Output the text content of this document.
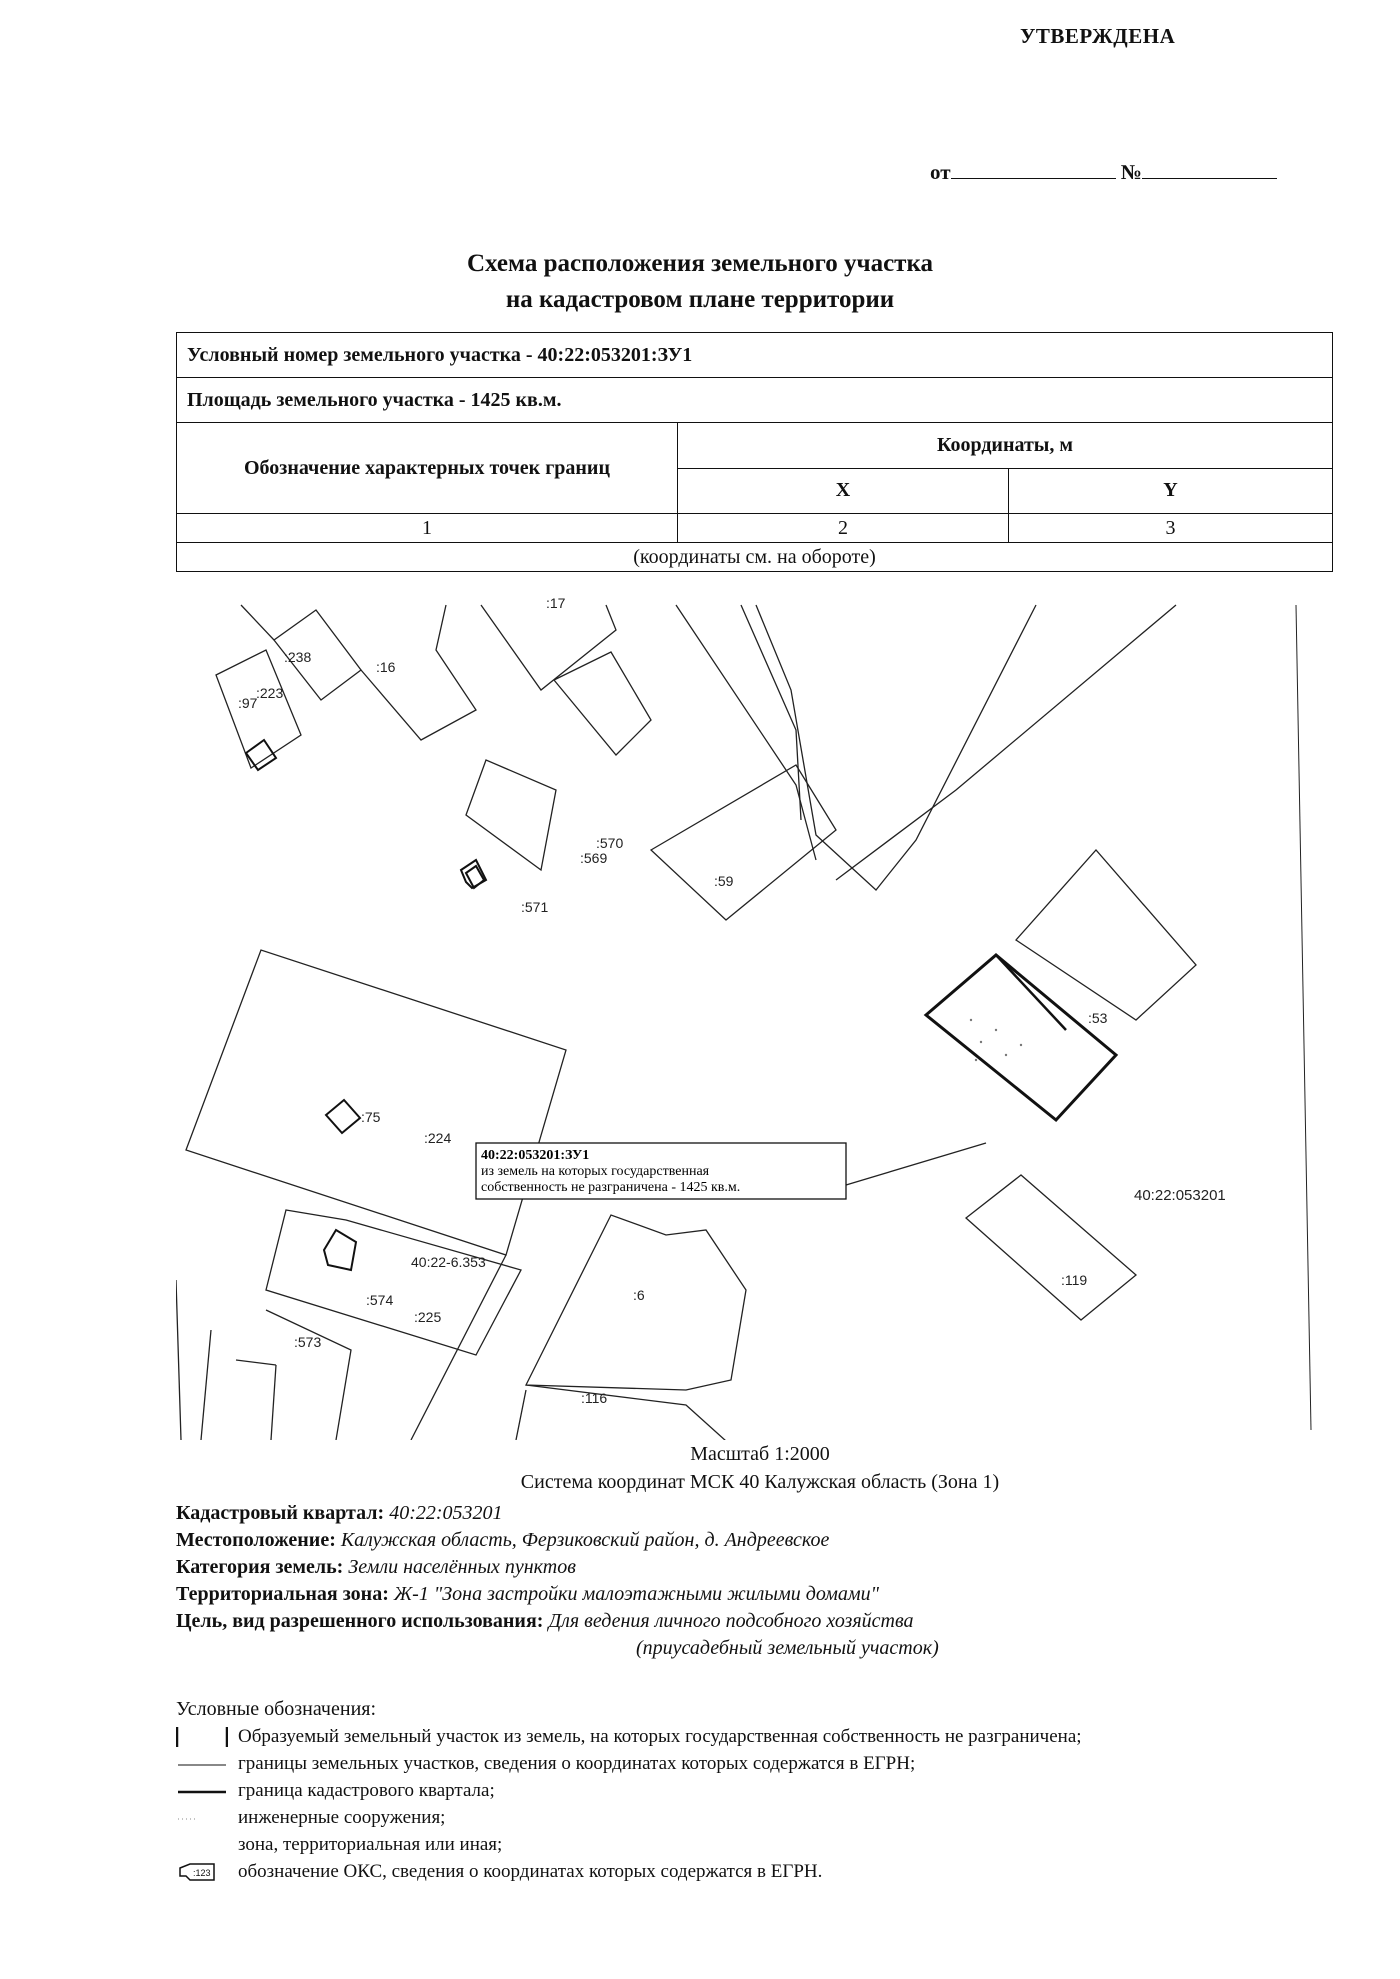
УТВЕРЖДЕНА
от	№
Схема расположения земельного участка
на кадастровом плане территории
Условный номер земельного участка - 40:22:053201:ЗУ1		
Площадь земельного участка - 1425 кв.м.		
Обозначение характерных точек границ	Координаты, м	
	X	Y
1	2	3
(координаты см. на обороте)		
:17
:238
:16
:97
:223
:570
:569
:571
:59
:53
:75
:224
:119
40:22-6.353
:574
:225
:573
:6
:116
40:22:053201
40:22:053201:ЗУ1
из земель на которых государственная
собственность не разграничена - 1425 кв.м.
Масштаб 1:2000
Система координат МСК 40 Калужская область (Зона 1)
Кадастровый квартал: 40:22:053201
Местоположение: Калужская область, Ферзиковский район, д. Андреевское
Категория земель: Земли населённых пунктов
Территориальная зона: Ж-1 "Зона застройки малоэтажными жилыми домами"
Цель, вид разрешенного использования: Для ведения личного подсобного хозяйства
(приусадебный земельный участок)
Условные обозначения:
Образуемый земельный участок из земель, на которых государственная собственность не разграничена;
границы земельных участков, сведения о координатах которых содержатся в ЕГРН;
граница кадастрового квартала;
инженерные сооружения;
зона, территориальная или иная;
:123 обозначение ОКС, сведения о координатах которых содержатся в ЕГРН.
